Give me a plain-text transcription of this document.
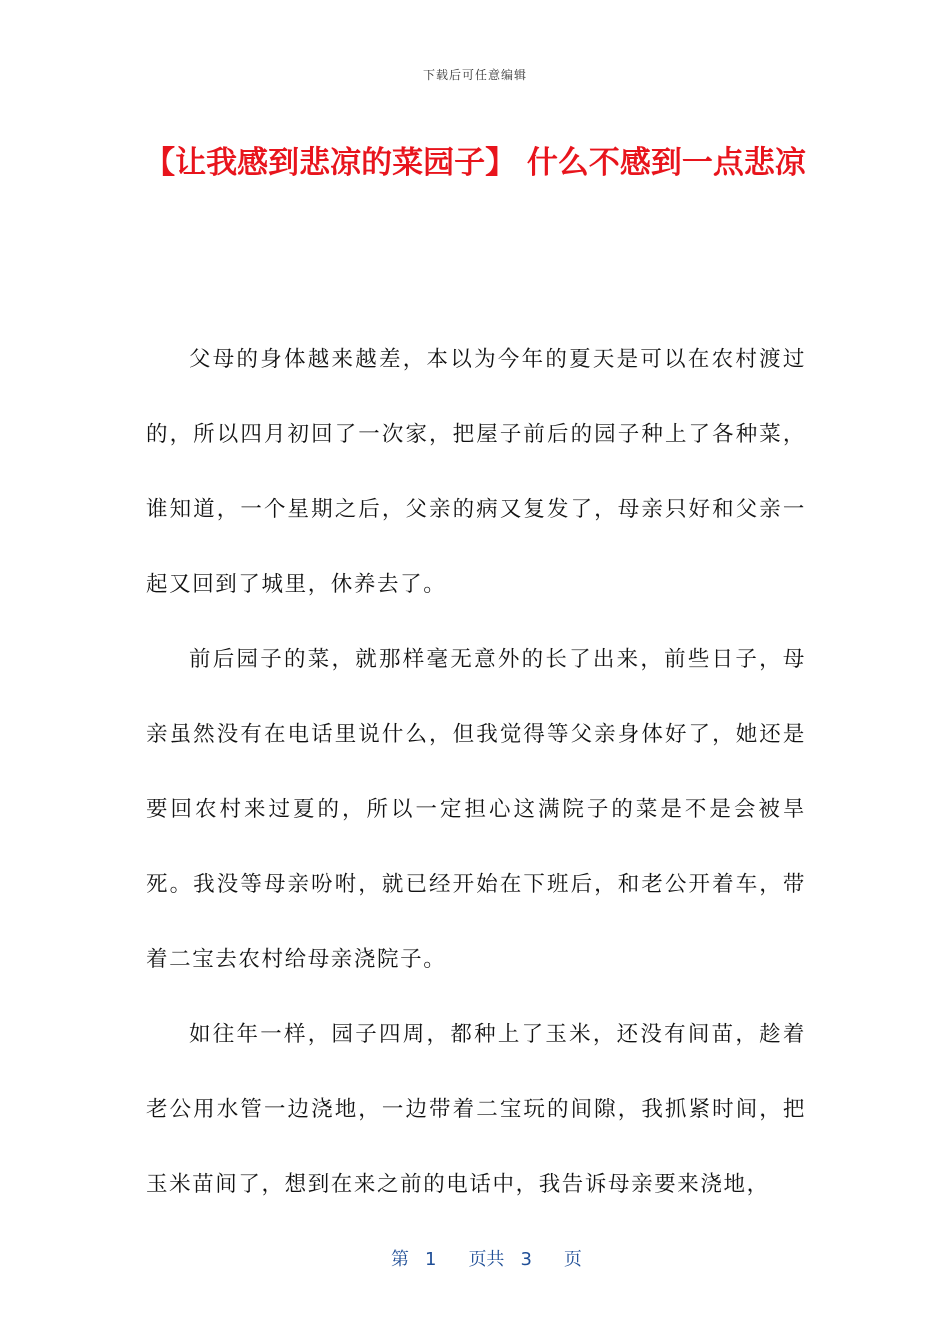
下载后可任意编辑
【让我感到悲凉的菜园子】 什么不感到一点悲凉

父母的身体越来越差，本以为今年的夏天是可以在农村渡过的，所以四月初回了一次家，把屋子前后的园子种上了各种菜，谁知道，一个星期之后，父亲的病又复发了，母亲只好和父亲一起又回到了城里，休养去了。

前后园子的菜，就那样毫无意外的长了出来，前些日子，母亲虽然没有在电话里说什么，但我觉得等父亲身体好了，她还是要回农村来过夏的，所以一定担心这满院子的菜是不是会被旱死。我没等母亲吩咐，就已经开始在下班后，和老公开着车，带着二宝去农村给母亲浇院子。

如往年一样，园子四周，都种上了玉米，还没有间苗，趁着老公用水管一边浇地，一边带着二宝玩的间隙，我抓紧时间，把玉米苗间了，想到在来之前的电话中，我告诉母亲要来浇地，

第 1 页共 3 页
